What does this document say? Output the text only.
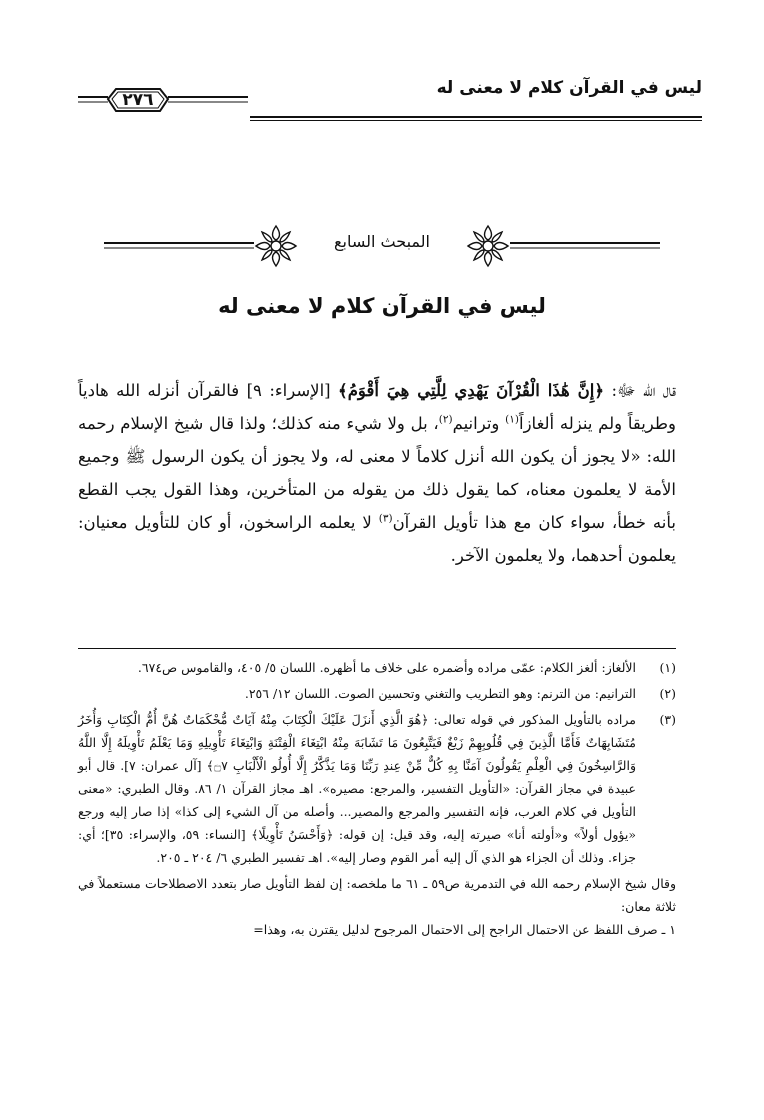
ليس في القرآن كلام لا معنى له
٢٧٦
المبحث السابع
ليس في القرآن كلام لا معنى له

قال الله ﷻ: ﴿إِنَّ هَٰذَا الْقُرْآنَ يَهْدِي لِلَّتِي هِيَ أَقْوَمُ﴾ [الإسراء: ٩] فالقرآن أنزله الله هادياً وطريقاً ولم ينزله ألغازاً$^{(١)}$ وترانيم$^{(٢)}$، بل ولا شيء منه كذلك؛ ولذا قال شيخ الإسلام رحمه الله: «لا يجوز أن يكون الله أنزل كلاماً لا معنى له، ولا يجوز أن يكون الرسول ﷺ وجميع الأمة لا يعلمون معناه، كما يقول ذلك من يقوله من المتأخرين، وهذا القول يجب القطع بأنه خطأ، سواء كان مع هذا تأويل القرآن$^{(٣)}$ لا يعلمه الراسخون، أو كان للتأويل معنيان: يعلمون أحدهما، ولا يعلمون الآخر.

(١)
الألغاز: ألغز الكلام: عمّى مراده وأضمره على خلاف ما أظهره. اللسان ٥/ ٤٠٥، والقاموس ص٦٧٤.
(٢)
الترانيم: من الترنم: وهو التطريب والتغني وتحسين الصوت. اللسان ١٢/ ٢٥٦.
(٣)
مراده بالتأويل المذكور في قوله تعالى: ﴿هُوَ الَّذِي أَنزَلَ عَلَيْكَ الْكِتَابَ مِنْهُ آيَاتٌ مُّحْكَمَاتٌ هُنَّ أُمُّ الْكِتَابِ وَأُخَرُ مُتَشَابِهَاتٌ فَأَمَّا الَّذِينَ فِي قُلُوبِهِمْ زَيْغٌ فَيَتَّبِعُونَ مَا تَشَابَهَ مِنْهُ ابْتِغَاءَ الْفِتْنَةِ وَابْتِغَاءَ تَأْوِيلِهِ وَمَا يَعْلَمُ تَأْوِيلَهُ إِلَّا اللَّهُ وَالرَّاسِخُونَ فِي الْعِلْمِ يَقُولُونَ آمَنَّا بِهِ كُلٌّ مِّنْ عِندِ رَبِّنَا وَمَا يَذَّكَّرُ إِلَّا أُولُو الْأَلْبَابِ ۝٧﴾ [آل عمران: ٧]. قال أبو عبيدة في مجاز القرآن: «التأويل التفسير، والمرجع: مصيره». اهـ مجاز القرآن ١/ ٨٦. وقال الطبري: «معنى التأويل في كلام العرب، فإنه التفسير والمرجع والمصير... وأصله من آل الشيء إلى كذا» إذا صار إليه ورجع «يؤول أولاً» و«أولته أنا» صيرته إليه، وقد قيل: إن قوله: ﴿وَأَحْسَنُ تَأْوِيلًا﴾ [النساء: ٥٩، والإسراء: ٣٥]؛ أي: جزاء. وذلك أن الجزاء هو الذي آل إليه أمر القوم وصار إليه». اهـ تفسير الطبري ٦/ ٢٠٤ ـ ٢٠٥.

وقال شيخ الإسلام رحمه الله في التدمرية ص٥٩ ـ ٦١ ما ملخصه: إن لفظ التأويل صار بتعدد الاصطلاحات مستعملاً في ثلاثة معان:

١ ـ صرف اللفظ عن الاحتمال الراجح إلى الاحتمال المرجوح لدليل يقترن به، وهذا=
